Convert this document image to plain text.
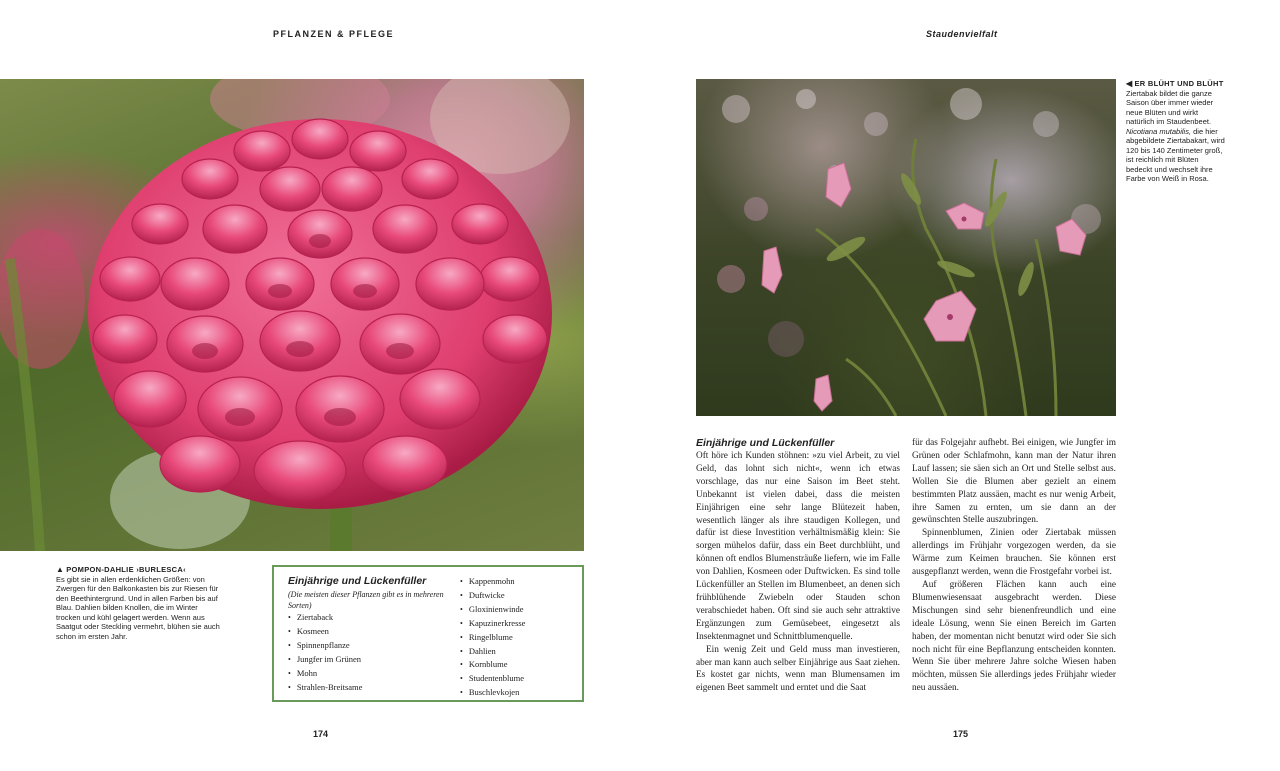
PFLANZEN & PFLEGE
▲ POMPON-DAHLIE ›BURLESCA‹
Es gibt sie in allen erdenklichen Größen: von Zwergen für den Balkonkasten bis zur Riesen für den Beethintergrund. Und in allen Farben bis auf Blau. Dahlien bilden Knollen, die im Winter trocken und kühl gelagert werden. Wenn aus Saatgut oder Steckling vermehrt, blühen sie auch schon im ersten Jahr.
Einjährige und Lückenfüller
(Die meisten dieser Pflanzen gibt es in mehreren Sorten)
• Ziertaback
• Kosmeen
• Spinnenpflanze
• Jungfer im Grünen
• Mohn
• Strahlen-Breitsame
• Kappenmohn
• Duftwicke
• Gloxinienwinde
• Kapuzinerkresse
• Ringelblume
• Dahlien
• Kornblume
• Studentenblume
• Buschlevkojen
174
Staudenvielfalt
◀ ER BLÜHT UND BLÜHT
Ziertabak bildet die ganze Saison über immer wieder neue Blüten und wirkt natürlich im Staudenbeet. Nicotiana mutabilis, die hier abgebildete Ziertabakart, wird 120 bis 140 Zentimeter groß, ist reichlich mit Blüten bedeckt und wechselt ihre Farbe von Weiß in Rosa.
Einjährige und Lückenfüller

Oft höre ich Kunden stöhnen: »zu viel Arbeit, zu viel Geld, das lohnt sich nicht«, wenn ich etwas vorschlage, das nur eine Saison im Beet steht. Unbekannt ist vielen dabei, dass die meisten Einjährigen eine sehr lange Blütezeit haben, wesentlich länger als ihre staudigen Kollegen, und dafür ist diese Investition verhältnismäßig klein: Sie sorgen mühelos dafür, dass ein Beet durchblüht, und können oft endlos Blumensträuße liefern, wie im Falle von Dahlien, Kosmeen oder Duftwicken. Es sind tolle Lückenfüller an Stellen im Blumenbeet, an denen sich frühblühende Zwiebeln oder Stauden schon verabschiedet haben. Oft sind sie auch sehr attraktive Ergänzungen zum Gemüsebeet, eingesetzt als Insektenmagnet und Schnittblumenquelle.

Ein wenig Zeit und Geld muss man investieren, aber man kann auch selber Einjährige aus Saat ziehen. Es kostet gar nichts, wenn man Blumensamen im eigenen Beet sammelt und erntet und die Saat

für das Folgejahr aufhebt. Bei einigen, wie Jungfer im Grünen oder Schlafmohn, kann man der Natur ihren Lauf lassen; sie säen sich an Ort und Stelle selbst aus. Wollen Sie die Blumen aber gezielt an einem bestimmten Platz aussäen, macht es nur wenig Arbeit, ihre Samen zu ernten, um sie dann an der gewünschten Stelle auszubringen.

Spinnenblumen, Zinien oder Ziertabak müssen allerdings im Frühjahr vorgezogen werden, da sie Wärme zum Keimen brauchen. Sie können erst ausgepflanzt werden, wenn die Frostgefahr vorbei ist.

Auf größeren Flächen kann auch eine Blumenwiesensaat ausgebracht werden. Diese Mischungen sind sehr bienenfreundlich und eine ideale Lösung, wenn Sie einen Bereich im Garten haben, der momentan nicht benutzt wird oder Sie sich noch nicht für eine Bepflanzung entscheiden konnten. Wenn Sie über mehrere Jahre solche Wiesen haben möchten, müssen Sie allerdings jedes Frühjahr wieder neu aussäen.

175
